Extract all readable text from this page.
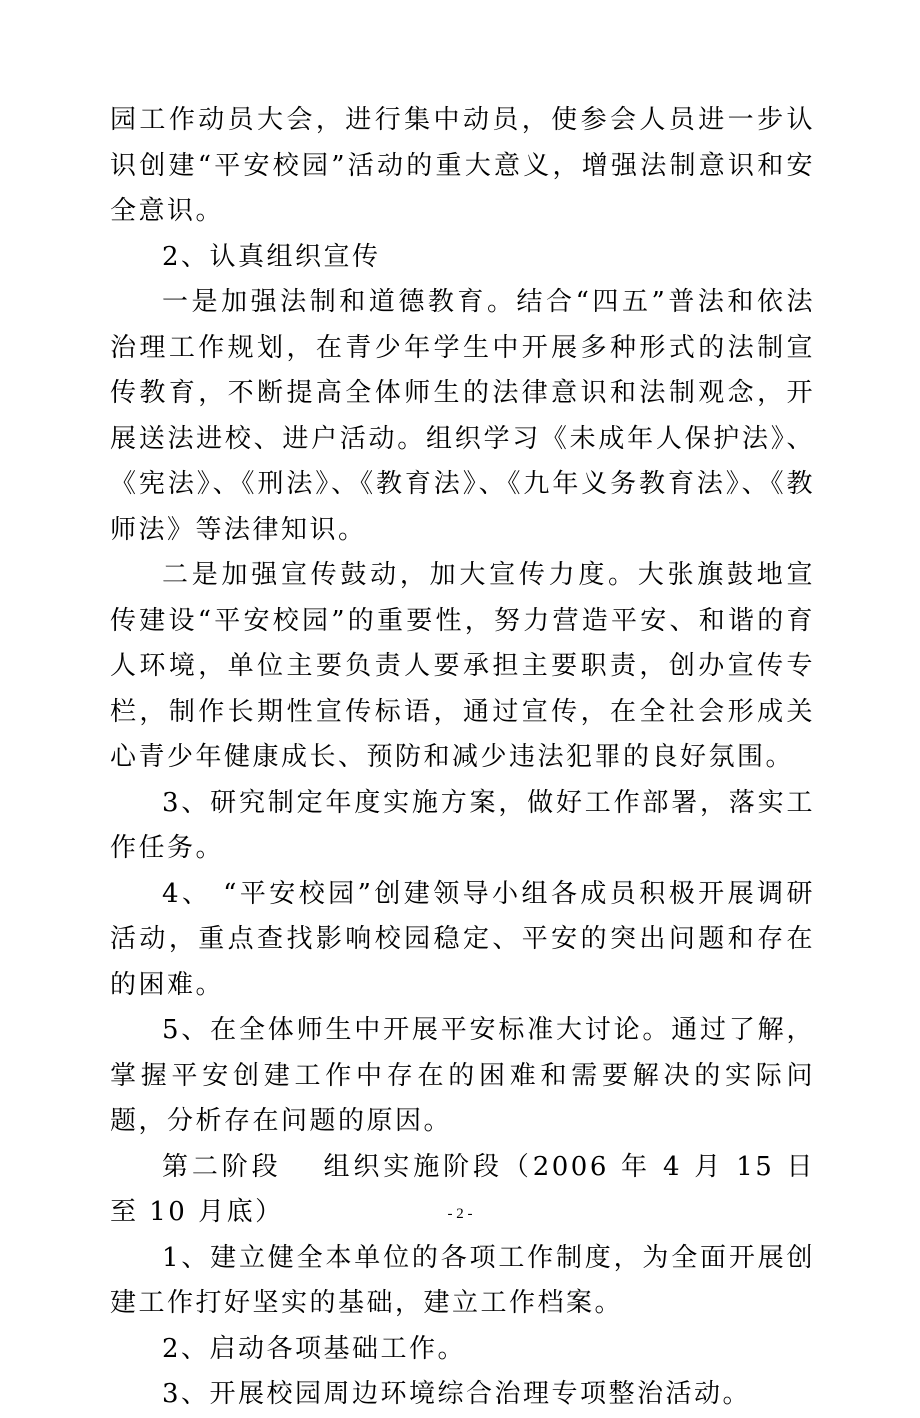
园工作动员大会，进行集中动员，使参会人员进一步认识创建“平安校园”活动的重大意义，增强法制意识和安全意识。

2、认真组织宣传

一是加强法制和道德教育。结合“四五”普法和依法治理工作规划，在青少年学生中开展多种形式的法制宣传教育，不断提高全体师生的法律意识和法制观念，开展送法进校、进户活动。组织学习《未成年人保护法》、《宪法》、《刑法》、《教育法》、《九年义务教育法》、《教师法》等法律知识。

二是加强宣传鼓动，加大宣传力度。大张旗鼓地宣传建设“平安校园”的重要性，努力营造平安、和谐的育人环境，单位主要负责人要承担主要职责，创办宣传专栏，制作长期性宣传标语，通过宣传，在全社会形成关心青少年健康成长、预防和减少违法犯罪的良好氛围。

3、研究制定年度实施方案，做好工作部署，落实工作任务。

4、 “平安校园”创建领导小组各成员积极开展调研活动，重点查找影响校园稳定、平安的突出问题和存在的困难。

5、在全体师生中开展平安标准大讨论。通过了解，掌握平安创建工作中存在的困难和需要解决的实际问题，分析存在问题的原因。

第二阶段　 组织实施阶段（2006 年 4 月 15 日至 10 月底）

1、建立健全本单位的各项工作制度，为全面开展创建工作打好坚实的基础，建立工作档案。

2、启动各项基础工作。

3、开展校园周边环境综合治理专项整治活动。

- 2 -
